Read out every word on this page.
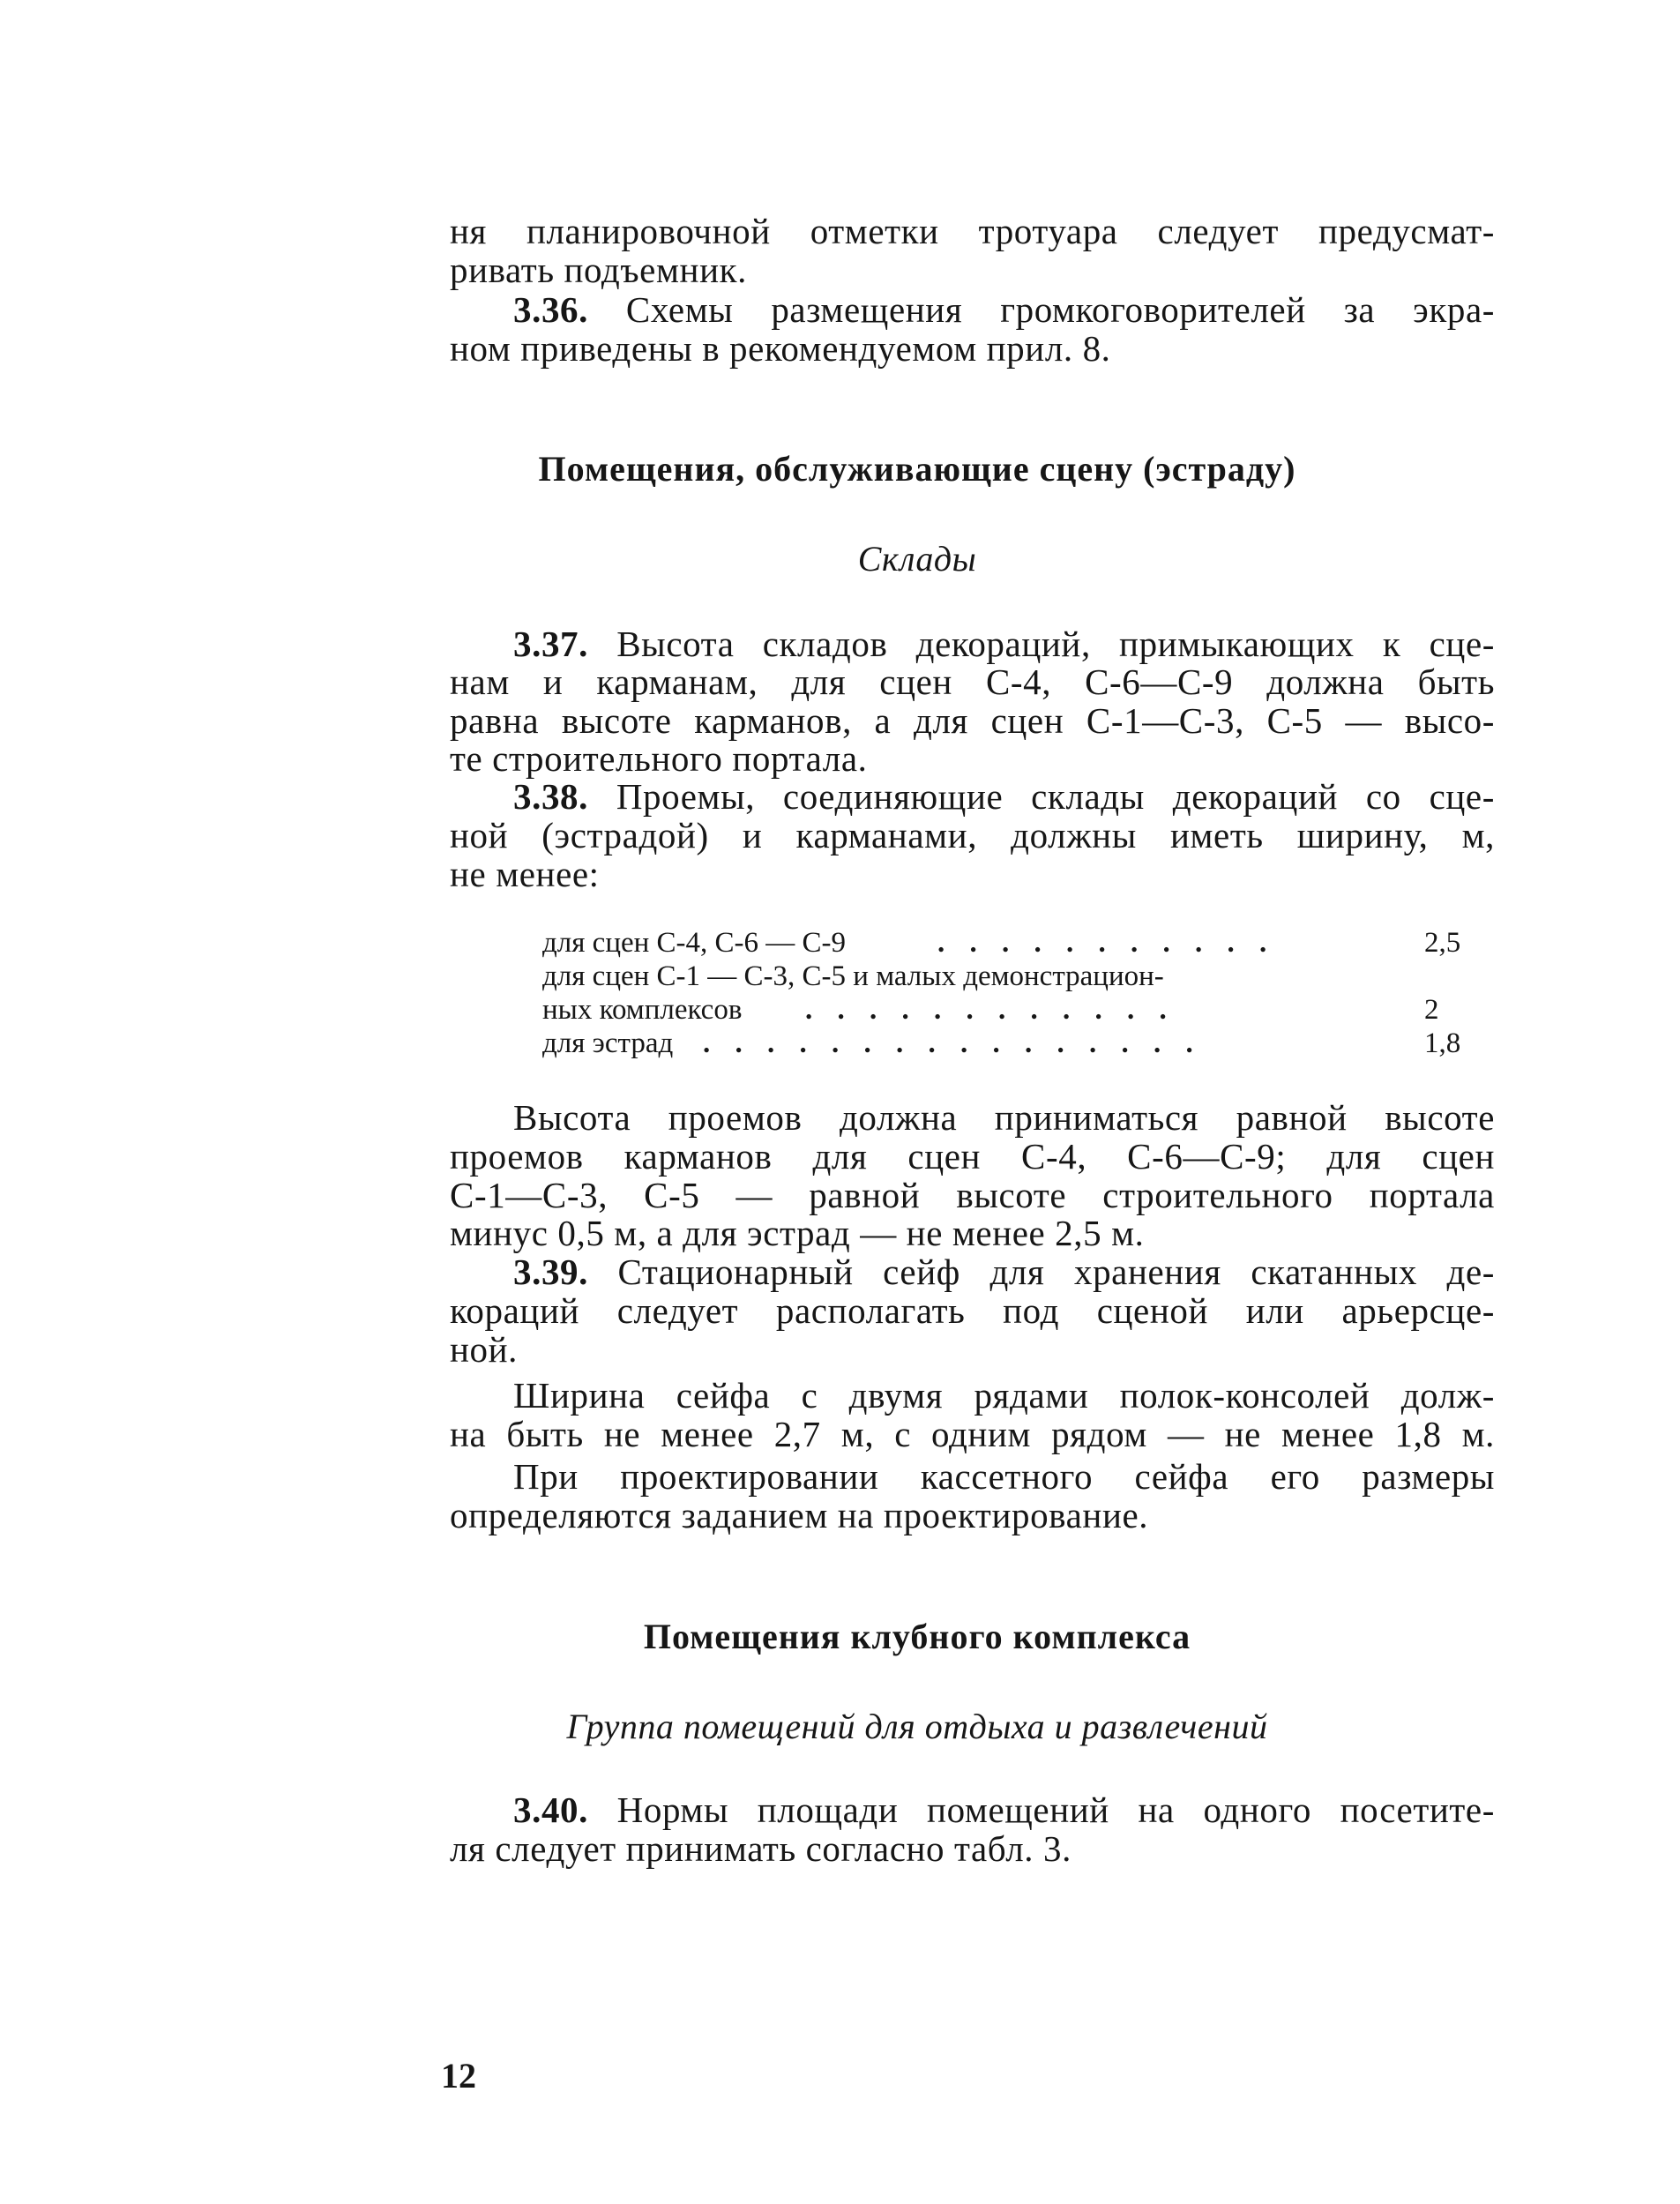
ня планировочной отметки тротуара следует предусмат-
ривать подъемник.
3.36. Схемы размещения громкоговорителей за экра-
ном приведены в рекомендуемом прил. 8.
Помещения, обслуживающие сцену (эстраду)
Склады
3.37. Высота складов декораций, примыкающих к сце-
нам и карманам, для сцен С-4, С-6—С-9 должна быть
равна высоте карманов, а для сцен С-1—С-3, С-5 — высо-
те строительного портала.
3.38. Проемы, соединяющие склады декораций со сце-
ной (эстрадой) и карманами, должны иметь ширину, м,
не менее:
для сцен С-4, С-6 — С-9	. . . . . . . . . . .	2,5
для сцен С-1 — С-3, С-5 и малых демонстрацион-
ных комплексов . . . . . . . . . . . .	2
для эстрад . . . . . . . . . . . . . . . .	1,8
Высота проемов должна приниматься равной высоте
проемов карманов для сцен С-4, С-6—С-9; для сцен
С-1—С-3, С-5 — равной высоте строительного портала
минус 0,5 м, а для эстрад — не менее 2,5 м.
3.39. Стационарный сейф для хранения скатанных де-
кораций следует располагать под сценой или арьерсце-
ной.
Ширина сейфа с двумя рядами полок-консолей долж-
на быть не менее 2,7 м, с одним рядом — не менее 1,8 м.
При проектировании кассетного сейфа его размеры
определяются заданием на проектирование.
Помещения клубного комплекса
Группа помещений для отдыха и развлечений
3.40. Нормы площади помещений на одного посетите-
ля следует принимать согласно табл. 3.
12
